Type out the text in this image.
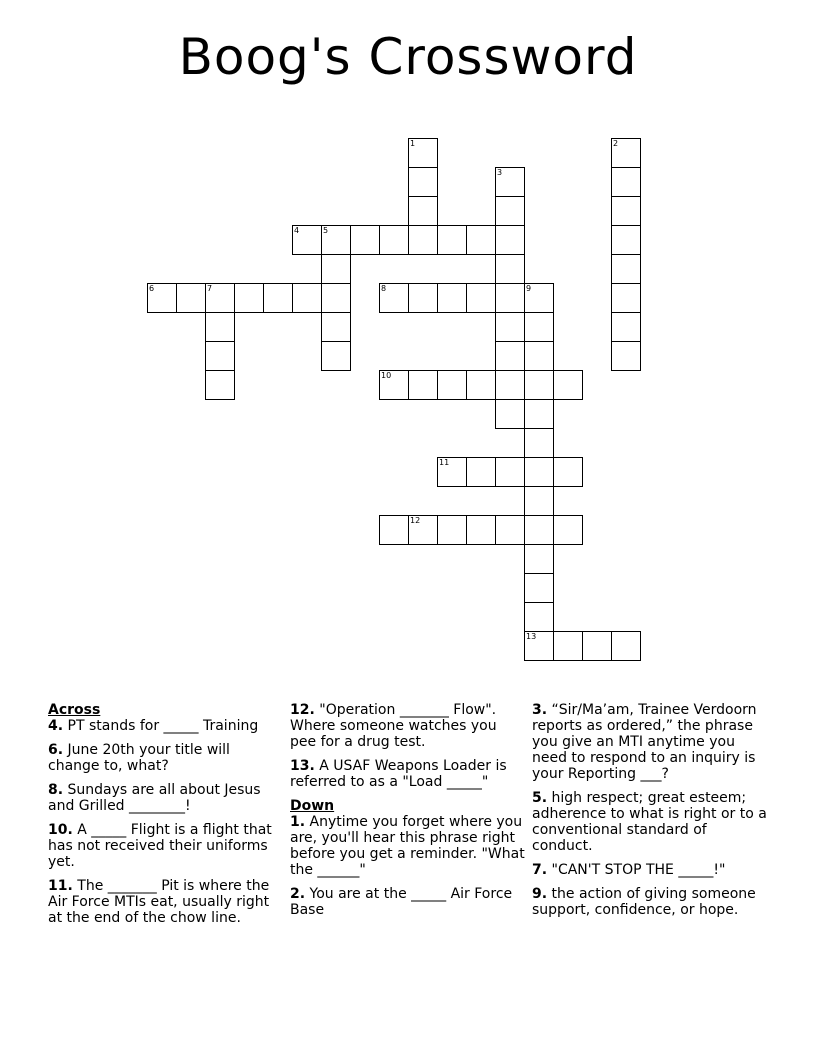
Boog's Crossword
1	2
3
4	5
6	7	8	9
13
10
11
12

Across

4. PT stands for _____ Training

6. June 20th your title will change to, what?

8. Sundays are all about Jesus and Grilled ________!

10. A _____ Flight is a flight that has not received their uniforms yet.

11. The _______ Pit is where the Air Force MTIs eat, usually right at the end of the chow line.

12. "Operation _______ Flow". Where someone watches you pee for a drug test.

13. A USAF Weapons Loader is referred to as a "Load _____"

Down

1. Anytime you forget where you are, you'll hear this phrase right before you get a reminder. "What the ______"

2. You are at the _____ Air Force Base

3. “Sir/Ma’am, Trainee Verdoorn reports as ordered,” the phrase you give an MTI anytime you need to respond to an inquiry is your Reporting ___?

5. high respect; great esteem; adherence to what is right or to a conventional standard of conduct.

7. "CAN'T STOP THE _____!"

9. the action of giving someone support, confidence, or hope.
